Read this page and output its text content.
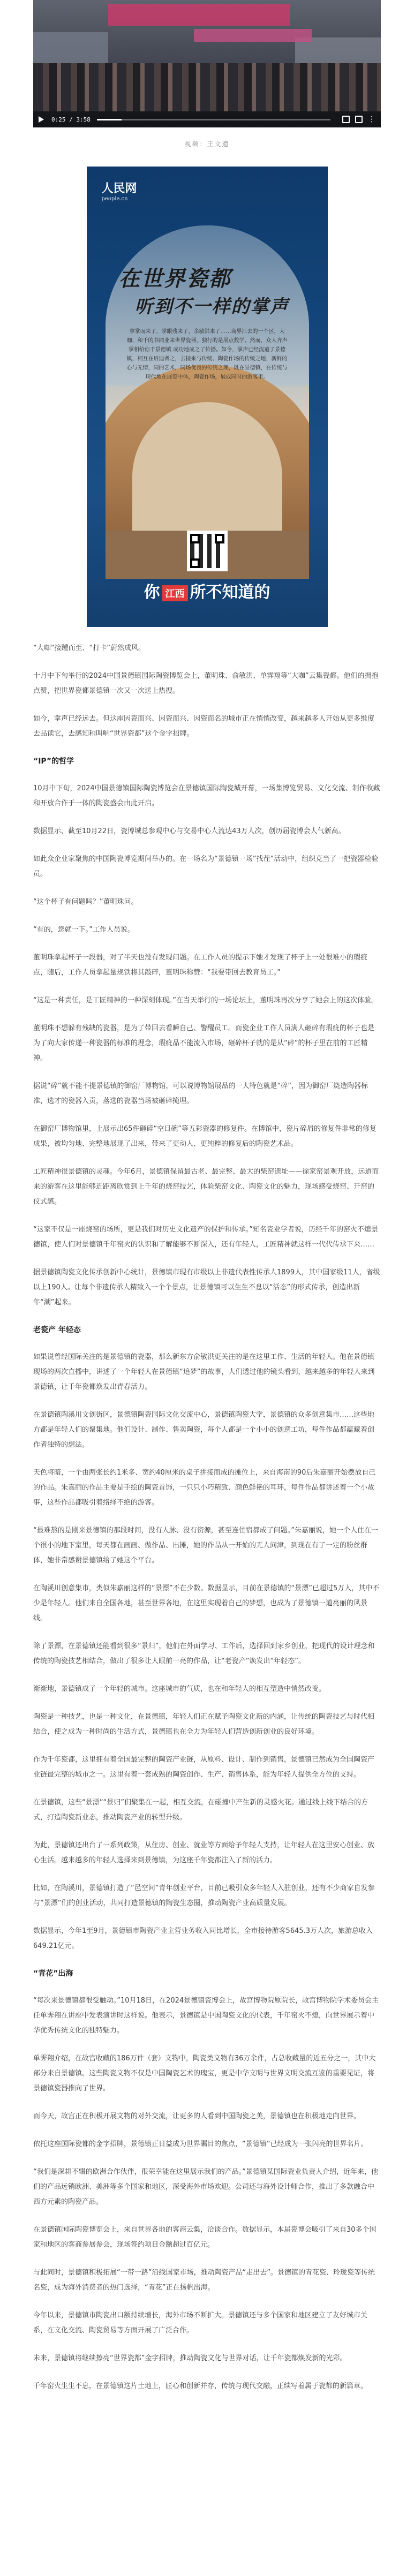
0:25 / 3:58	⋮
视频：王文遗
人民网
people.cn
在世界瓷都
听到不一样的掌声
拿掌而来了，掌眼残来了，余敏洪来了……商界江去的一个区，大咖，和千的书同业来世界瓷器，独行的是展点数学。然而，众人齐声掌相给你千景德镇 成功地成之了传播。如今，掌声已经流遍了景德镇，相互在启迪者之，去接来与传统、陶瓷作场的传统之地，新鲜的心与无情，同的艺术，同场优良的传统之理，既在景德镇，在传统与现代地在展览中体，陶瓷作场，展成同时的游客里。
你 江西 所不知道的

“大咖”接踵而至、“打卡”蔚然成风。

十月中下旬举行的2024中国景德镇国际陶瓷博览会上，董明珠、俞敏洪、单霁翔等“大咖”云集瓷都。他们的拥抱点赞，把世界瓷都景德镇一次又一次送上热搜。

如今，掌声已经远去。但这座因瓷而兴、因瓷而兴、因瓷而名的城市正在悄悄改变，越来越多人开始从更多维度去品读它，去感知和叫响“世界瓷都”这个金字招牌。

“IP”的哲学

10月中下旬，2024中国景德镇国际陶瓷博览会在景德镇国际陶瓷城开幕，一场集博览贸易、文化交流、制作收藏和开放合作于一体的陶瓷盛会由此开启。

数据显示，截至10月22日，瓷博城总参观中心与交易中心人流达43万人次，创历届瓷博会人气新高。

如此众企业家聚焦的中国陶瓷博览期间举办的。在一场名为“景德镇一场”找茬”活动中，组织克当了一把瓷器检验员。

“这个杯子有问题吗？”董明珠问。

“有的，您就一下。”工作人员说。

董明珠拿起杯子一段器，对了半天也没有发现问题。在工作人员的提示下她才发现了杯子上一处很难小的瑕疵点，随后，工作人员拿起量规铁将其敲碎，董明珠称赞：“我要带回去教育员工。”

“这是一种责任，是工匠精神的一种深刻体现。”在当天举行的一场论坛上，董明珠再次分享了她会上的这次体验。

董明珠不想躲有残缺的瓷器，是为了带回去看瞬自己、警醒员工。而瓷企业工作人员满人砸碎有瑕疵的杯子也是为了向大家传递一种瓷器的标准的理念，瑕疵品不能流入市场，砸碎杯子就的是从“碎”的杯子里在前的工匠精神。

据说“碎”就不能不提景德镇的御窑厂博物馆，可以说博物馆展品的一大特色就是“碎”，因为御窑厂烧造陶器标准，选才的瓷器入贡，落选的瓷器当场被砸碎掩埋。

在御窑厂博物馆里，上展示出65件砸碎“空日碗”等五彩瓷器的修复件。在博馆中，瓷片碎屑的修复件非常的修复成果，被均匀地、完整地展现了出来，带来了更动人、更纯粹的修复后的陶瓷艺术品。

工匠精神很景德镇的灵魂。今年6月，景德镇保留最古老、最完整、最大的柴窑遗址——徐家窑景观开放，远道而来的游客在这里能够近距离欣赏到上千年的烧窑技艺，体验柴窑文化、陶瓷文化的魅力，现场感受烧窑、开窑的仪式感。

“这家不仅是一座烧窑的场所，更是我们对历史文化遗产的保护和传承。”知名瓷业学者说，历经千年的窑火不熄景德镇，使人们对景德镇千年窑火的认识和了解能够不断深入，还有年轻人，工匠精神就这样一代代传承下来……

据景德镇陶瓷文化传承创新中心统计，景德镇市现有市级以上非遗代表性传承人1899人，其中国家级11人，省级以上190人。让每个非遗传承人精致入一个个景点，让景德镇可以生生不息以“活态”的形式传承，创造出新年“潮”起来。

老瓷产 年轻态

如果说曾经国际关注的是景德镇的瓷器，那么新东方俞敏洪更关注的是在这里工作、生活的年轻人。他在景德镇现场的两次直播中，讲述了一个年轻人在景德镇“追梦”的故事，人们透过他的镜头看到，越来越多的年轻人来到景德镇，让千年瓷都焕发出青春活力。

在景德镇陶溪川文创街区，景德镇陶瓷国际文化交流中心，景德镇陶瓷大学，景德镇的众多创意集市……这些地方都是年轻人们的聚集地。他们设计、制作、售卖陶瓷，每个人都是一个小小的创意工坊，每件作品都蕴藏着创作者独特的想法。

天色将暗，一个由两张长约1米多、宽约40厘米的桌子拼接而成的摊位上，来自海南的90后朱嘉丽开始摆放自己的作品。朱嘉丽的作品主要是手绘的陶瓷首饰，一只只小巧精致、颜色鲜艳的耳环，每件作品都讲述着一个小故事，这些作品都吸引着络绎不绝的游客。

“最难熬的是刚来景德镇的那段时间，没有人脉、没有资源，甚至连住宿都成了问题。”朱嘉丽说，她一个人住在一个很小的地下室里，每天都在画画、做作品、出摊，她的作品从一开始的无人问津，到现在有了一定的粉丝群体，她非常感谢景德镇给了她这个平台。

在陶溪川创意集市，类似朱嘉丽这样的“景漂”不在少数。数据显示，目前在景德镇的“景漂”已超过5万人，其中不少是年轻人。他们来自全国各地，甚至世界各地，在这里实现着自己的梦想，也成为了景德镇一道亮丽的风景线。

除了景漂，在景德镇还能看到很多“景归”，他们在外面学习、工作后，选择回到家乡创业，把现代的设计理念和传统的陶瓷技艺相结合，做出了很多让人眼前一亮的作品，让“老瓷产”焕发出“年轻态”。

渐渐地，景德镇成了一个年轻的城市。这座城市的气质，也在和年轻人的相互塑造中悄然改变。

陶瓷是一种技艺，也是一种文化，在景德镇，年轻人们正在赋予陶瓷文化新的内涵，让传统的陶瓷技艺与时代相结合，使之成为一种时尚的生活方式，景德镇也在全力为年轻人们营造创新创业的良好环境。

作为千年瓷都，这里拥有着全国最完整的陶瓷产业链，从原料、设计、制作到销售，景德镇已然成为全国陶瓷产业链最完整的城市之一。这里有着一套成熟的陶瓷创作、生产、销售体系，能为年轻人提供全方位的支持。

在景德镇，这些“景漂”“景归”们聚集在一起，相互交流，在碰撞中产生新的灵感火花。通过线上线下结合的方式，打造陶瓷新业态，推动陶瓷产业的转型升级。

为此，景德镇还出台了一系列政策，从住房、创业、就业等方面给予年轻人支持，让年轻人在这里安心创业、放心生活。越来越多的年轻人选择来到景德镇，为这座千年瓷都注入了新的活力。

比如，在陶溪川，景德镇打造了“邑空间”青年创业平台，目前已吸引众多年轻人入驻创业，还有不少商家自发参与“景漂”们的创业活动，共同打造景德镇的陶瓷生态圈，推动陶瓷产业高质量发展。

数据显示，今年1至9月，景德镇市陶瓷产业主营业务收入同比增长，全市接待游客5645.3万人次，旅游总收入649.21亿元。

“青花”出海

“每次来景德镇都很受触动。”10月18日，在2024景德镇瓷博会上，故宫博物院原院长，故宫博物院学术委员会主任单霁翔在讲座中发表演讲时这样说。他表示，景德镇是中国陶瓷文化的代表，千年窑火不熄，向世界展示着中华优秀传统文化的独特魅力。

单霁翔介绍，在故宫收藏的186万件（套）文物中，陶瓷类文物有36万余件，占总收藏量的近五分之一，其中大部分来自景德镇。这些陶瓷文物不仅是中国陶瓷艺术的瑰宝，更是中华文明与世界文明交流互鉴的重要见证，将景德镇瓷器推向了世界。

而今天，故宫正在积极开展文物的对外交流，让更多的人看到中国陶瓷之美，景德镇也在积极地走向世界。

依托这座国际瓷都的金字招牌，景德镇正日益成为世界瞩目的焦点，“景德镇”已经成为一张闪亮的世界名片。

“我们是深耕不辍的欧洲合作伙伴，很荣幸能在这里展示我们的产品。”景德镇某国际瓷业负责人介绍，近年来，他们的产品远销欧洲、美洲等多个国家和地区，深受海外市场欢迎。公司还与海外设计师合作，推出了多款融合中西方元素的陶瓷产品。

在景德镇国际陶瓷博览会上，来自世界各地的客商云集，洽谈合作。数据显示，本届瓷博会吸引了来自30多个国家和地区的客商参展参会，现场签约项目金额超过百亿元。

与此同时，景德镇积极拓展“一带一路”沿线国家市场，推动陶瓷产品“走出去”。景德镇的青花瓷、玲珑瓷等传统名瓷，成为海外消费者的热门选择，“青花”正在扬帆出海。

今年以来，景德镇市陶瓷出口额持续增长，海外市场不断扩大。景德镇还与多个国家和地区建立了友好城市关系，在文化交流、陶瓷贸易等方面开展了广泛合作。

未来，景德镇将继续擦亮“世界瓷都”金字招牌，推动陶瓷文化与世界对话，让千年瓷都焕发新的光彩。

千年窑火生生不息，在景德镇这片土地上，匠心和创新并存，传统与现代交融，正续写着属于瓷都的新篇章。
